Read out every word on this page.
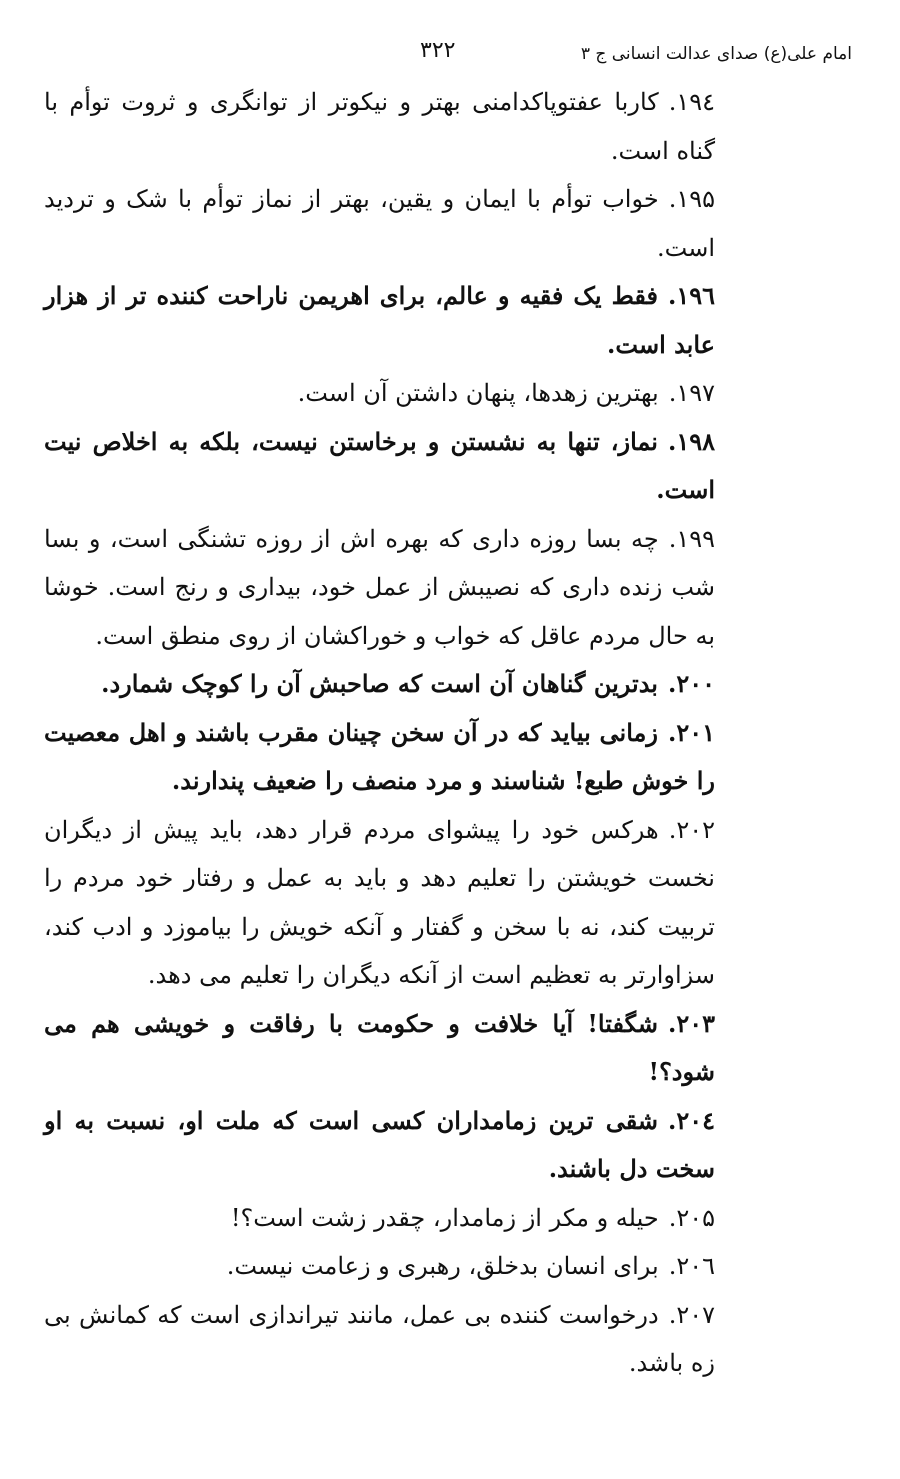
امام علی(ع) صدای عدالت انسانی ج ۳
۳۲۲

۱۹٤.کاربا عفتوپاکدامنی بهتر و نیکوتر از توانگری و ثروت توأم با گناه است.

۱۹۵.خواب توأم با ایمان و یقین، بهتر از نماز توأم با شک و تردید است.

۱۹٦.فقط یک فقیه و عالم، برای اهریمن ناراحت کننده تر از هزار عابد است.

۱۹۷.بهترین زهدها، پنهان داشتن آن است.

۱۹۸.نماز، تنها به نشستن و برخاستن نیست، بلکه به اخلاص نیت است.

۱۹۹.چه بسا روزه داری که بهره اش از روزه تشنگی است، و بسا شب زنده داری که نصیبش از عمل خود، بیداری و رنج است. خوشا به حال مردم عاقل که خواب و خوراکشان از روی منطق است.

۲۰۰.بدترین گناهان آن است که صاحبش آن را کوچک شمارد.

۲۰۱.زمانی بیاید که در آن سخن چینان مقرب باشند و اهل معصیت را خوش طبع! شناسند و مرد منصف را ضعیف پندارند.

۲۰۲.هرکس خود را پیشوای مردم قرار دهد، باید پیش از دیگران نخست خویشتن را تعلیم دهد و باید به عمل و رفتار خود مردم را تربیت کند، نه با سخن و گفتار و آنکه خویش را بیاموزد و ادب کند، سزاوارتر به تعظیم است از آنکه دیگران را تعلیم می دهد.

۲۰۳.شگفتا! آیا خلافت و حکومت با رفاقت و خویشی هم می شود؟!

۲۰٤.شقی ترین زمامداران کسی است که ملت او، نسبت به او سخت دل باشند.

۲۰۵.حیله و مکر از زمامدار، چقدر زشت است؟!

۲۰٦.برای انسان بدخلق، رهبری و زعامت نیست.

۲۰۷.درخواست کننده بی عمل، مانند تیراندازی است که کمانش بی زه باشد.
